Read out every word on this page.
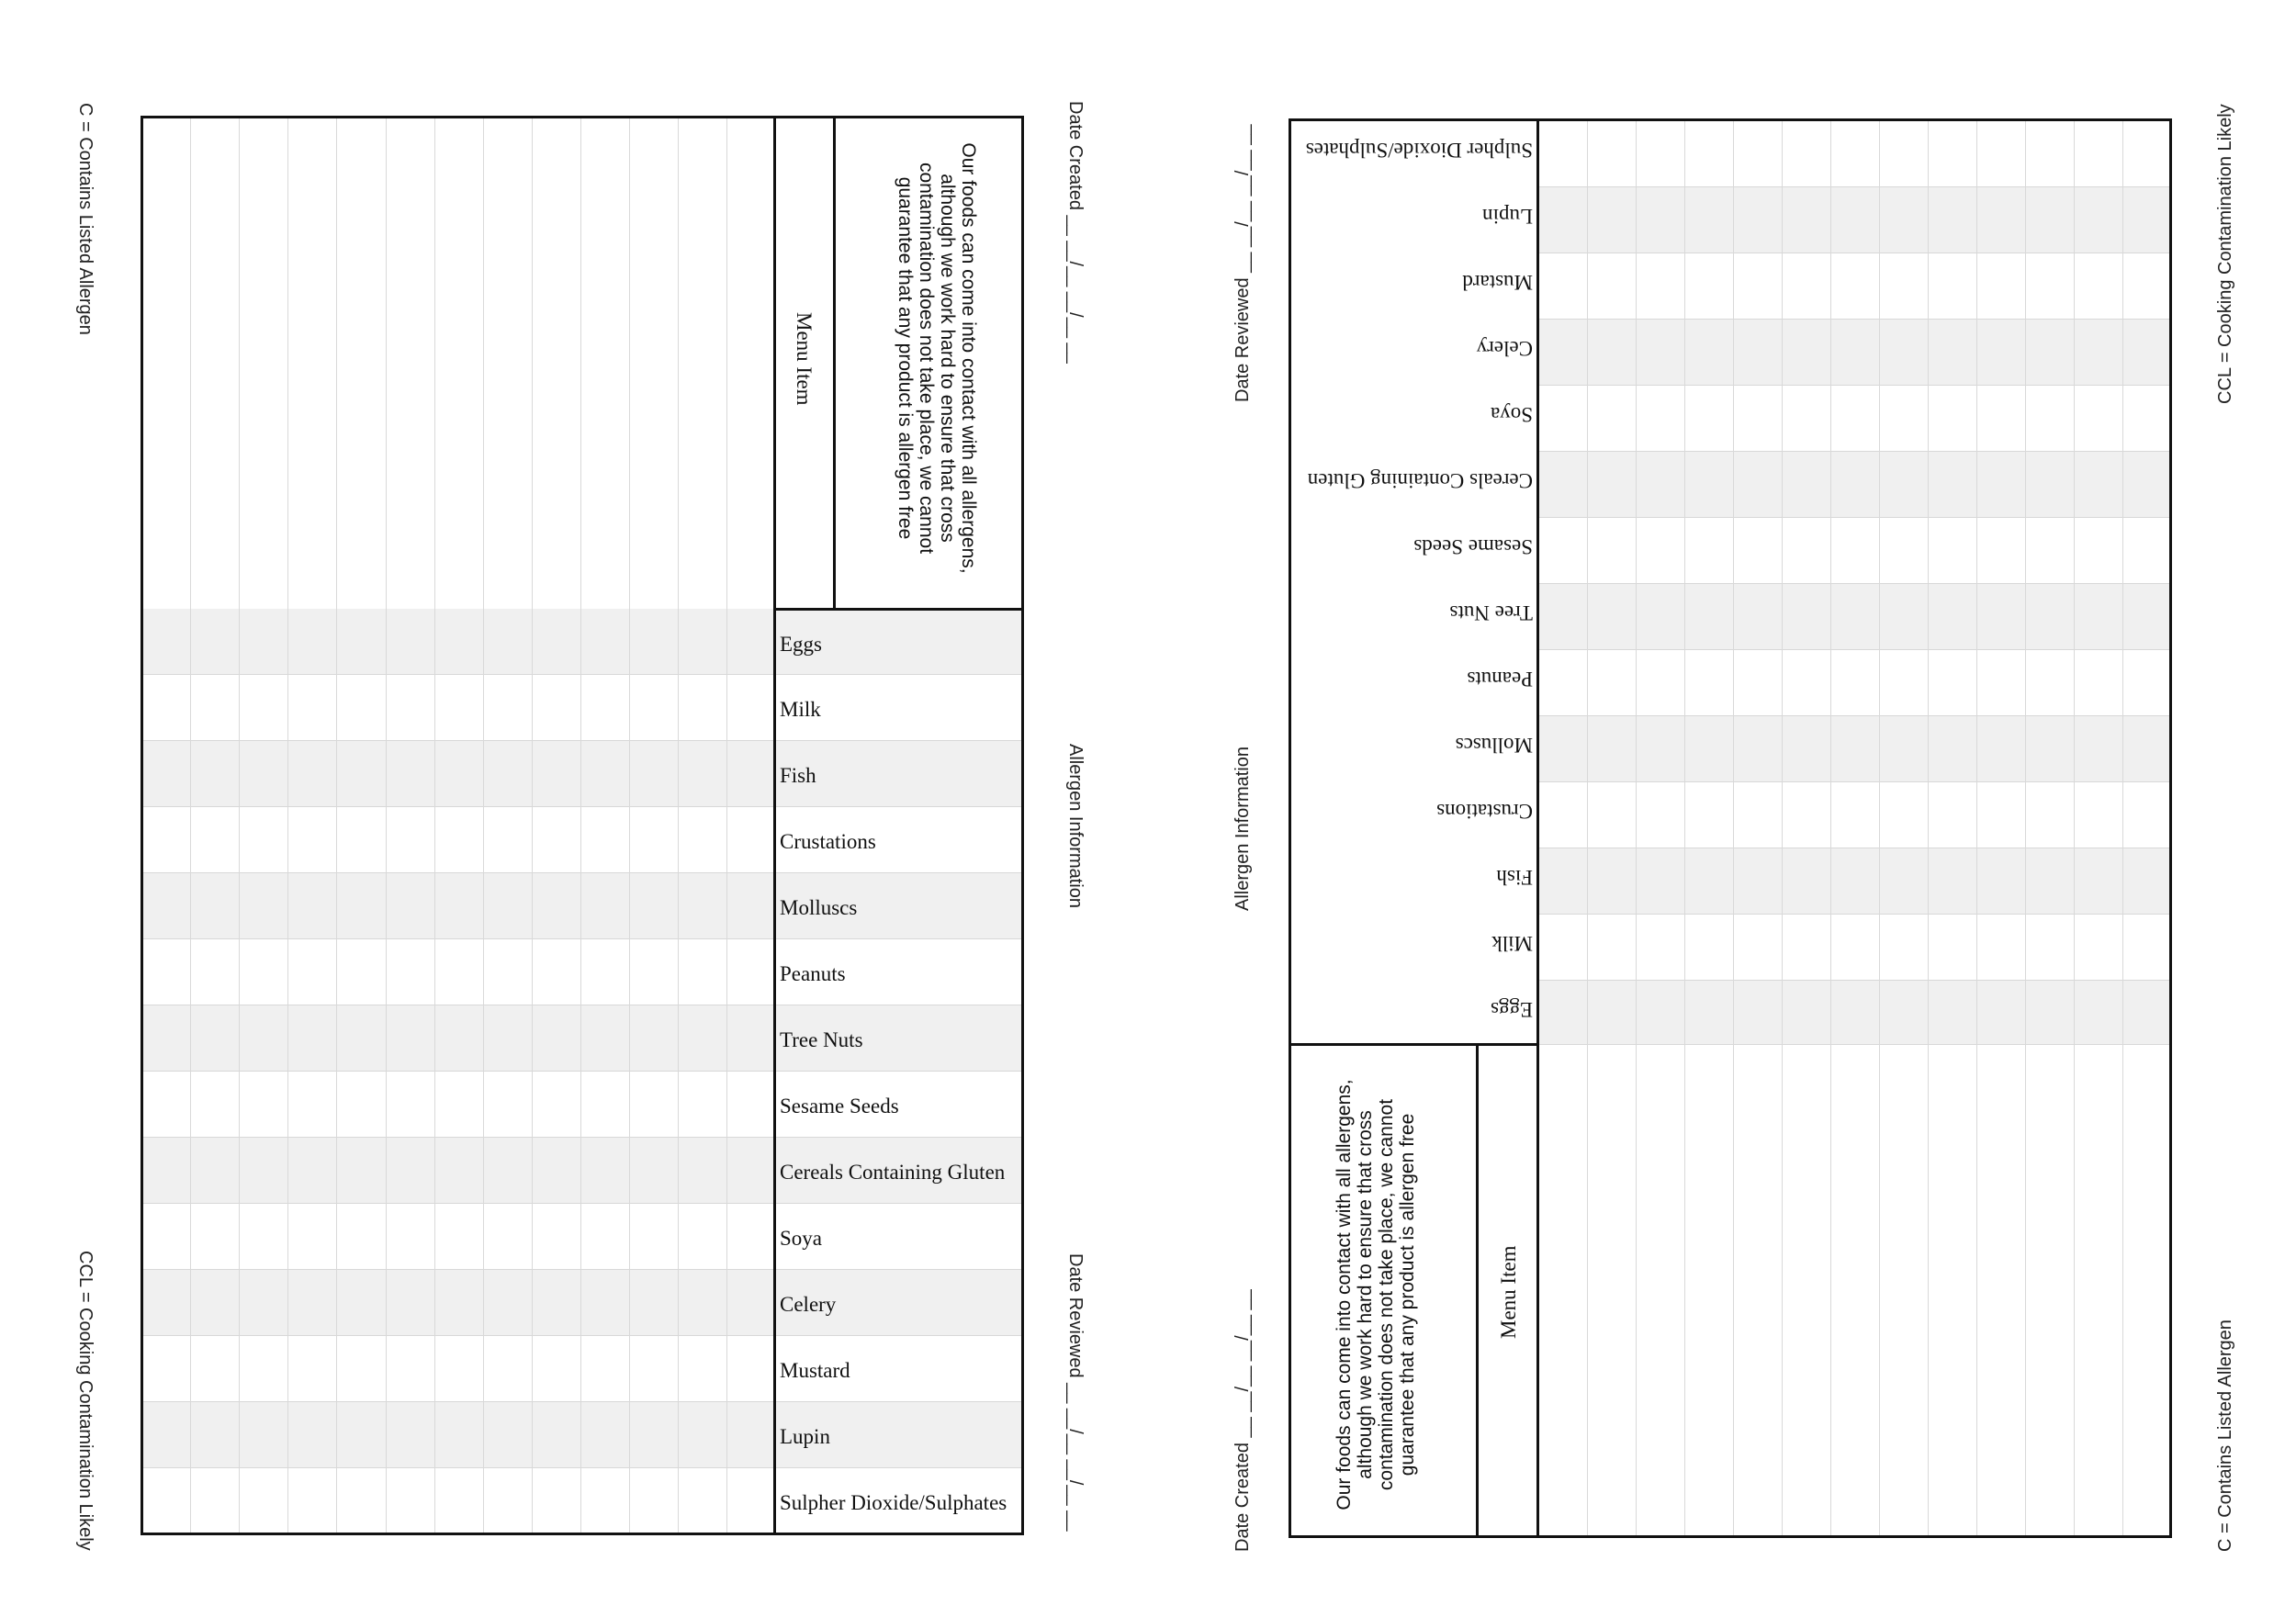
C = Contains Listed Allergen
CCL = Cooking Contamination Likely
Date Created __ __/__ __/__ __
Allergen Information
Date Reviewed __ __/__ __/__ __
Menu Item	Our foods can come into contact with all allergens, although we work hard to ensure that cross contamination does not take place, we cannot guarantee that any product is allergen free
Eggs
Milk
Fish
Crustations
Molluscs
Peanuts
Tree Nuts
Sesame Seeds
Cereals Containing Gluten
Soya
Celery
Mustard
Lupin
Sulpher Dioxide/Sulphates
CCL = Cooking Contamination Likely
C = Contains Listed Allergen
Date Reviewed __ __/__ __/__ __
Allergen Information
Date Created __ __/__ __/__ __	Menu Item
Our foods can come into contact with all allergens, although we work hard to ensure that cross contamination does not take place, we cannot guarantee that any product is allergen free
Sulpher Dioxide/Sulphates
Lupin
Mustard
Celery
Soya
Cereals Containing Gluten
Sesame Seeds
Tree Nuts
Peanuts
Molluscs
Crustations
Fish
Milk
Eggs
